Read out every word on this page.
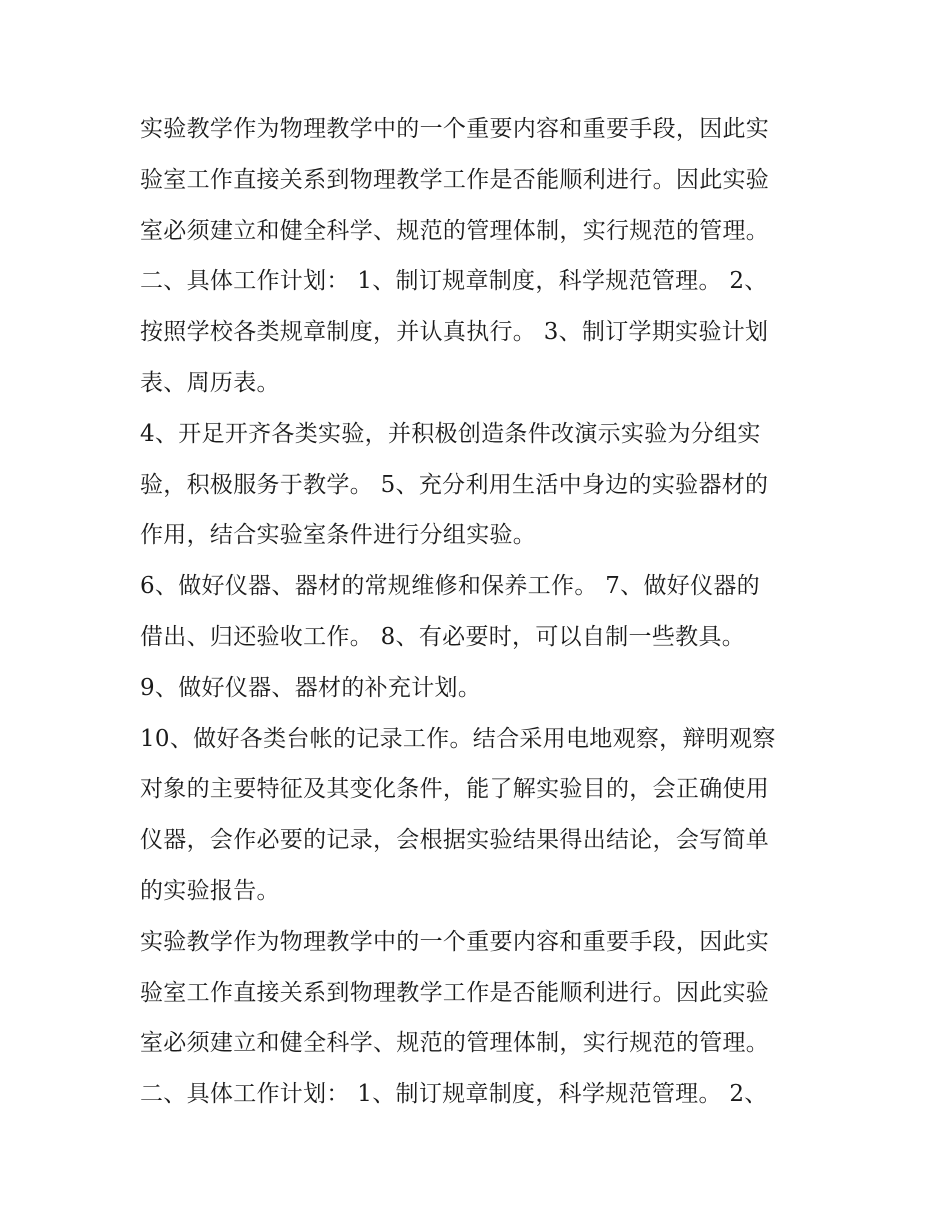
实验教学作为物理教学中的一个重要内容和重要手段，因此实
验室工作直接关系到物理教学工作是否能顺利进行。因此实验
室必须建立和健全科学、规范的管理体制，实行规范的管理。
二、具体工作计划： 1、制订规章制度，科学规范管理。 2、
按照学校各类规章制度，并认真执行。 3、制订学期实验计划
表、周历表。
4、开足开齐各类实验，并积极创造条件改演示实验为分组实
验，积极服务于教学。 5、充分利用生活中身边的实验器材的
作用，结合实验室条件进行分组实验。
6、做好仪器、器材的常规维修和保养工作。 7、做好仪器的
借出、归还验收工作。 8、有必要时，可以自制一些教具。
9、做好仪器、器材的补充计划。
10、做好各类台帐的记录工作。结合采用电地观察，辩明观察
对象的主要特征及其变化条件，能了解实验目的，会正确使用
仪器，会作必要的记录，会根据实验结果得出结论，会写简单
的实验报告。
实验教学作为物理教学中的一个重要内容和重要手段，因此实
验室工作直接关系到物理教学工作是否能顺利进行。因此实验
室必须建立和健全科学、规范的管理体制，实行规范的管理。
二、具体工作计划： 1、制订规章制度，科学规范管理。 2、
